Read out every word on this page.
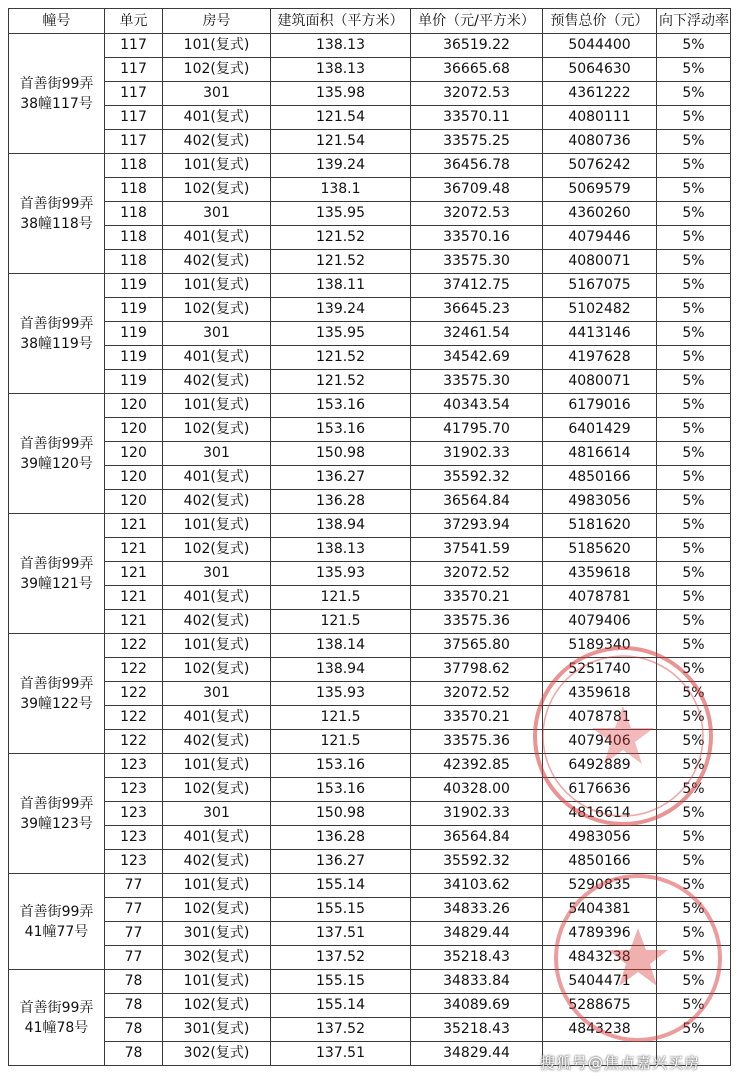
幢号	单元	房号	建筑面积（平方米）	单价（元/平方米）	预售总价（元）	向下浮动率
首善街99弄38幢117号	117	101(复式)	138.13	36519.22	5044400	5%
	117	102(复式)	138.13	36665.68	5064630	5%
	117	301	135.98	32072.53	4361222	5%
	117	401(复式)	121.54	33570.11	4080111	5%
	117	402(复式)	121.54	33575.25	4080736	5%
首善街99弄38幢118号	118	101(复式)	139.24	36456.78	5076242	5%
	118	102(复式)	138.1	36709.48	5069579	5%
	118	301	135.95	32072.53	4360260	5%
	118	401(复式)	121.52	33570.16	4079446	5%
	118	402(复式)	121.52	33575.30	4080071	5%
首善街99弄38幢119号	119	101(复式)	138.11	37412.75	5167075	5%
	119	102(复式)	139.24	36645.23	5102482	5%
	119	301	135.95	32461.54	4413146	5%
	119	401(复式)	121.52	34542.69	4197628	5%
	119	402(复式)	121.52	33575.30	4080071	5%
首善街99弄39幢120号	120	101(复式)	153.16	40343.54	6179016	5%
	120	102(复式)	153.16	41795.70	6401429	5%
	120	301	150.98	31902.33	4816614	5%
	120	401(复式)	136.27	35592.32	4850166	5%
	120	402(复式)	136.28	36564.84	4983056	5%
首善街99弄39幢121号	121	101(复式)	138.94	37293.94	5181620	5%
	121	102(复式)	138.13	37541.59	5185620	5%
	121	301	135.93	32072.52	4359618	5%
	121	401(复式)	121.5	33570.21	4078781	5%
	121	402(复式)	121.5	33575.36	4079406	5%
首善街99弄39幢122号	122	101(复式)	138.14	37565.80	5189340	5%
	122	102(复式)	138.94	37798.62	5251740	5%
	122	301	135.93	32072.52	4359618	5%
	122	401(复式)	121.5	33570.21	4078781	5%
	122	402(复式)	121.5	33575.36	4079406	5%
首善街99弄39幢123号	123	101(复式)	153.16	42392.85	6492889	5%
	123	102(复式)	153.16	40328.00	6176636	5%
	123	301	150.98	31902.33	4816614	5%
	123	401(复式)	136.28	36564.84	4983056	5%
	123	402(复式)	136.27	35592.32	4850166	5%
首善街99弄41幢77号	77	101(复式)	155.14	34103.62	5290835	5%
	77	102(复式)	155.15	34833.26	5404381	5%
	77	301(复式)	137.51	34829.44	4789396	5%
	77	302(复式)	137.52	35218.43	4843238	5%
首善街99弄41幢78号	78	101(复式)	155.15	34833.84	5404471	5%
	78	102(复式)	155.14	34089.69	5288675	5%
	78	301(复式)	137.52	35218.43	4843238	5%
	78	302(复式)	137.51	34829.44		
搜狐号@焦点嘉兴买房
